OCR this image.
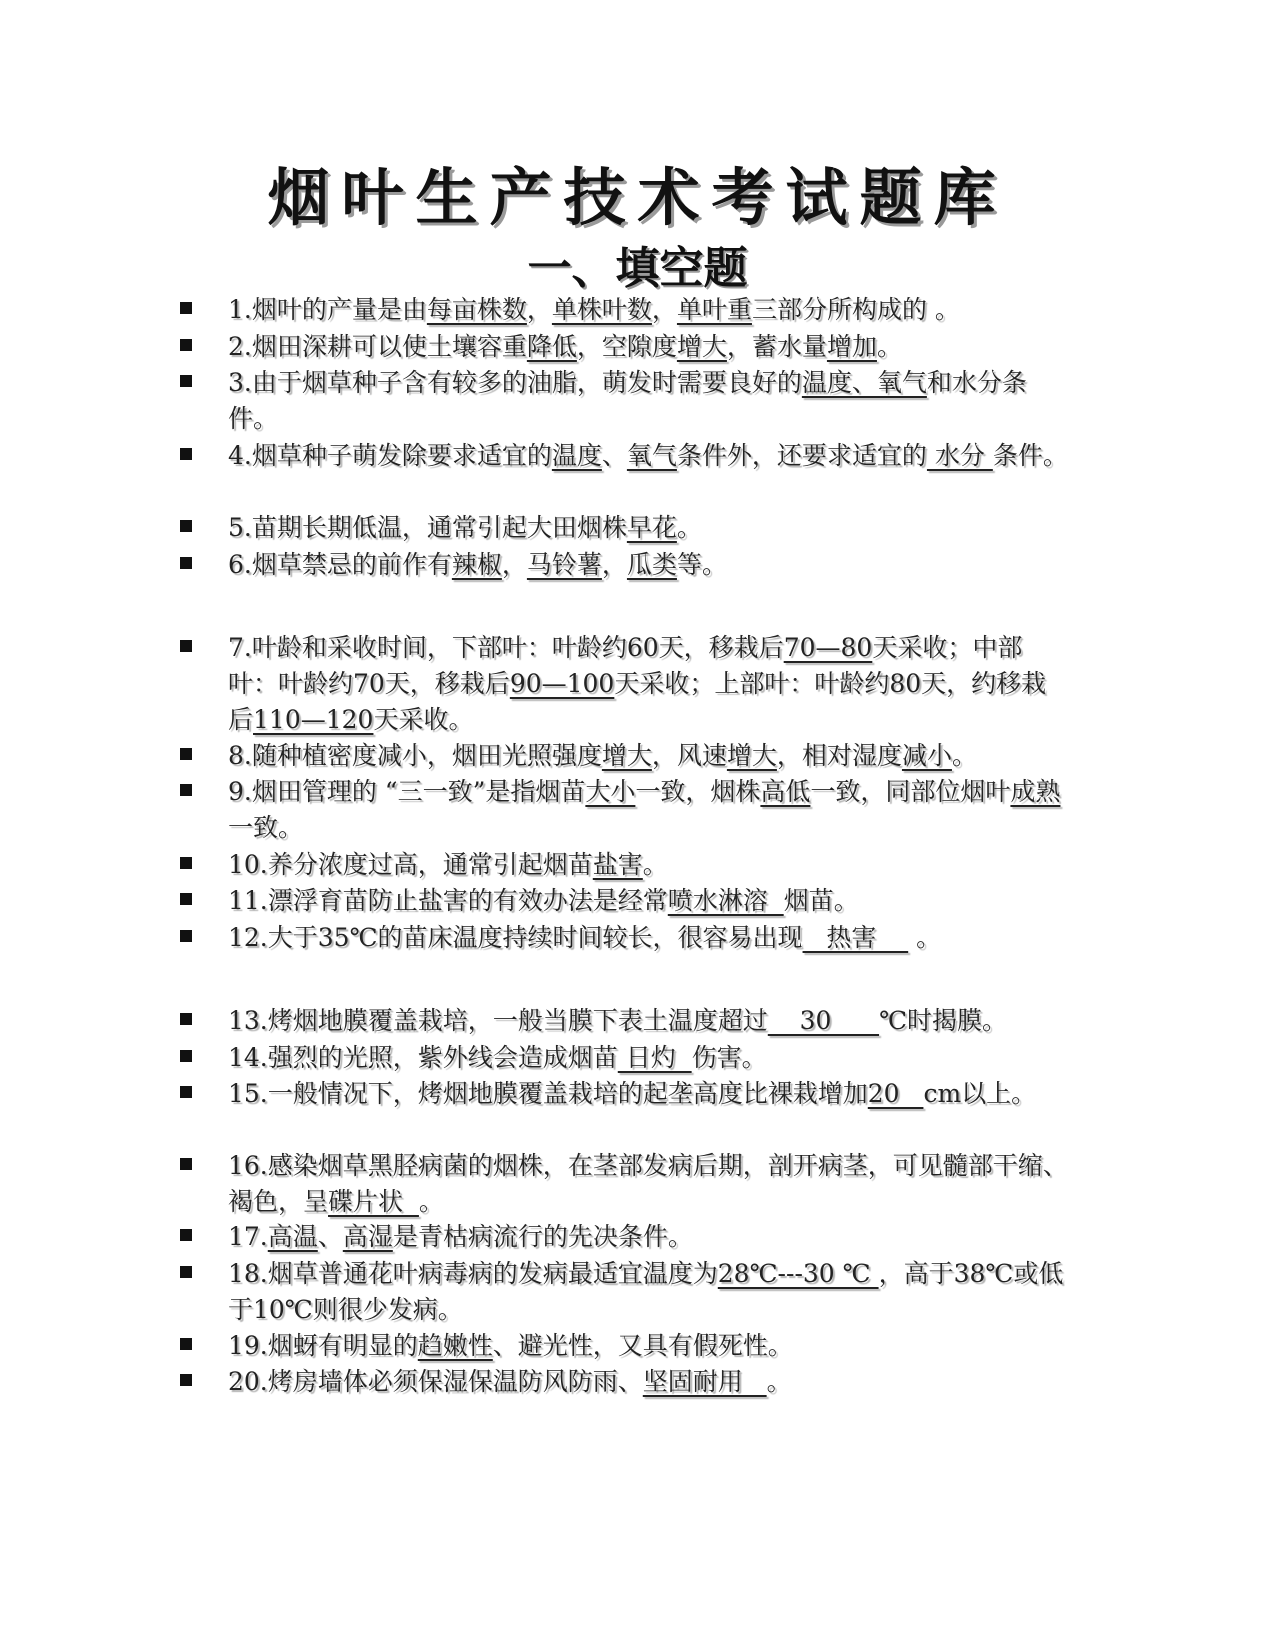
烟叶生产技术考试题库
一、填空题
1.烟叶的产量是由每亩株数，单株叶数，单叶重三部分所构成的 。
2.烟田深耕可以使土壤容重降低，空隙度增大，蓄水量增加。
3.由于烟草种子含有较多的油脂，萌发时需要良好的温度、氧气和水分条件。
4.烟草种子萌发除要求适宜的温度、氧气条件外，还要求适宜的 水分 条件。
5.苗期长期低温，通常引起大田烟株早花。
6.烟草禁忌的前作有辣椒，马铃薯，瓜类等。
7.叶龄和采收时间，下部叶：叶龄约60天，移栽后70—80天采收；中部叶：叶龄约70天，移栽后90—100天采收；上部叶：叶龄约80天，约移栽后110—120天采收。
8.随种植密度减小，烟田光照强度增大，风速增大，相对湿度减小。
9.烟田管理的 “三一致”是指烟苗大小一致，烟株高低一致，同部位烟叶成熟一致。
10.养分浓度过高，通常引起烟苗盐害。
11.漂浮育苗防止盐害的有效办法是经常喷水淋溶  烟苗。
12.大于35℃的苗床温度持续时间较长，很容易出现   热害     。
13.烤烟地膜覆盖栽培，一般当膜下表土温度超过    30      ℃时揭膜。
14.强烈的光照，紫外线会造成烟苗 日灼  伤害。
15.一般情况下，烤烟地膜覆盖栽培的起垄高度比裸栽增加20   cm以上。
16.感染烟草黑胫病菌的烟株，在茎部发病后期，剖开病茎，可见髓部干缩、褐色，呈碟片状  。
17.高温、高湿是青枯病流行的先决条件。
18.烟草普通花叶病毒病的发病最适宜温度为28℃---30 ℃ ，高于38℃或低于10℃则很少发病。
19.烟蚜有明显的趋嫩性、避光性，又具有假死性。
20.烤房墙体必须保湿保温防风防雨、坚固耐用   。
